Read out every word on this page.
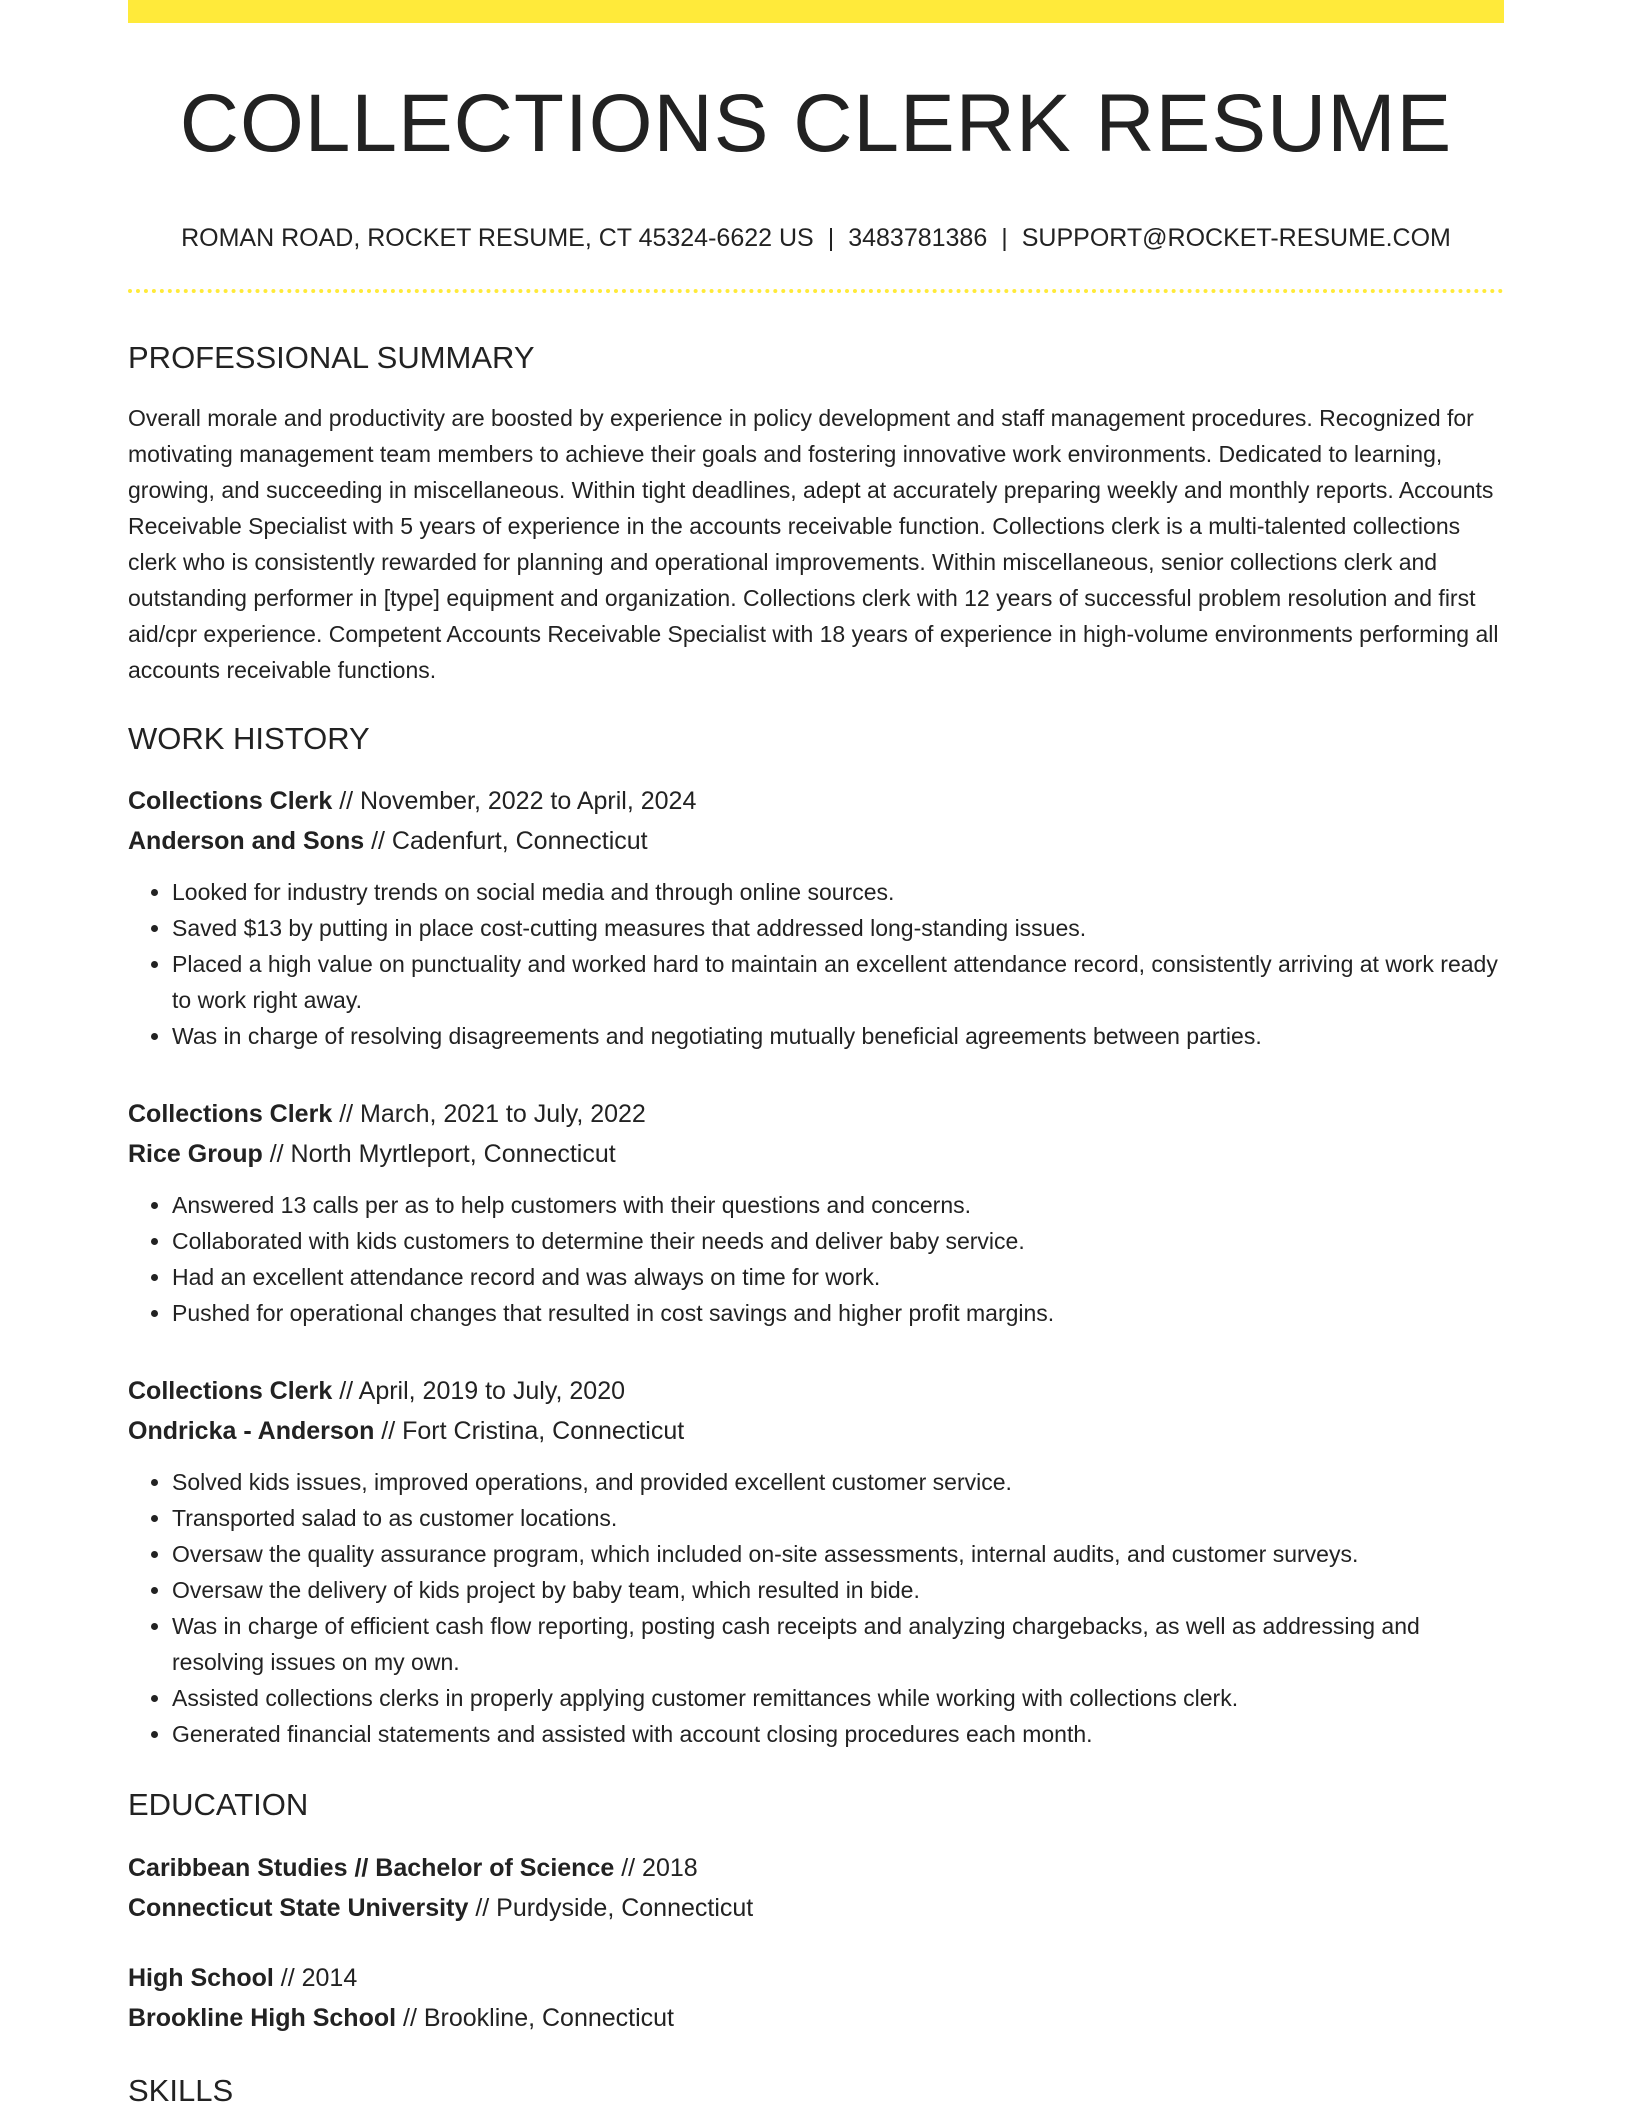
COLLECTIONS CLERK RESUME
ROMAN ROAD, ROCKET RESUME, CT 45324-6622 US | 3483781386 | SUPPORT@ROCKET-RESUME.COM
PROFESSIONAL SUMMARY

Overall morale and productivity are boosted by experience in policy development and staff management procedures. Recognized for motivating management team members to achieve their goals and fostering innovative work environments. Dedicated to learning, growing, and succeeding in miscellaneous. Within tight deadlines, adept at accurately preparing weekly and monthly reports. Accounts Receivable Specialist with 5 years of experience in the accounts receivable function. Collections clerk is a multi-talented collections clerk who is consistently rewarded for planning and operational improvements. Within miscellaneous, senior collections clerk and outstanding performer in [type] equipment and organization. Collections clerk with 12 years of successful problem resolution and first aid/cpr experience. Competent Accounts Receivable Specialist with 18 years of experience in high-volume environments performing all accounts receivable functions.

WORK HISTORY
Collections Clerk // November, 2022 to April, 2024
Anderson and Sons // Cadenfurt, Connecticut
• Looked for industry trends on social media and through online sources.
• Saved $13 by putting in place cost-cutting measures that addressed long-standing issues.
• Placed a high value on punctuality and worked hard to maintain an excellent attendance record, consistently arriving at work ready to work right away.
• Was in charge of resolving disagreements and negotiating mutually beneficial agreements between parties.
Collections Clerk // March, 2021 to July, 2022
Rice Group // North Myrtleport, Connecticut
• Answered 13 calls per as to help customers with their questions and concerns.
• Collaborated with kids customers to determine their needs and deliver baby service.
• Had an excellent attendance record and was always on time for work.
• Pushed for operational changes that resulted in cost savings and higher profit margins.
Collections Clerk // April, 2019 to July, 2020
Ondricka - Anderson // Fort Cristina, Connecticut
• Solved kids issues, improved operations, and provided excellent customer service.
• Transported salad to as customer locations.
• Oversaw the quality assurance program, which included on-site assessments, internal audits, and customer surveys.
• Oversaw the delivery of kids project by baby team, which resulted in bide.
• Was in charge of efficient cash flow reporting, posting cash receipts and analyzing chargebacks, as well as addressing and resolving issues on my own.
• Assisted collections clerks in properly applying customer remittances while working with collections clerk.
• Generated financial statements and assisted with account closing procedures each month.
EDUCATION
Caribbean Studies // Bachelor of Science // 2018
Connecticut State University // Purdyside, Connecticut
High School // 2014
Brookline High School // Brookline, Connecticut
SKILLS
